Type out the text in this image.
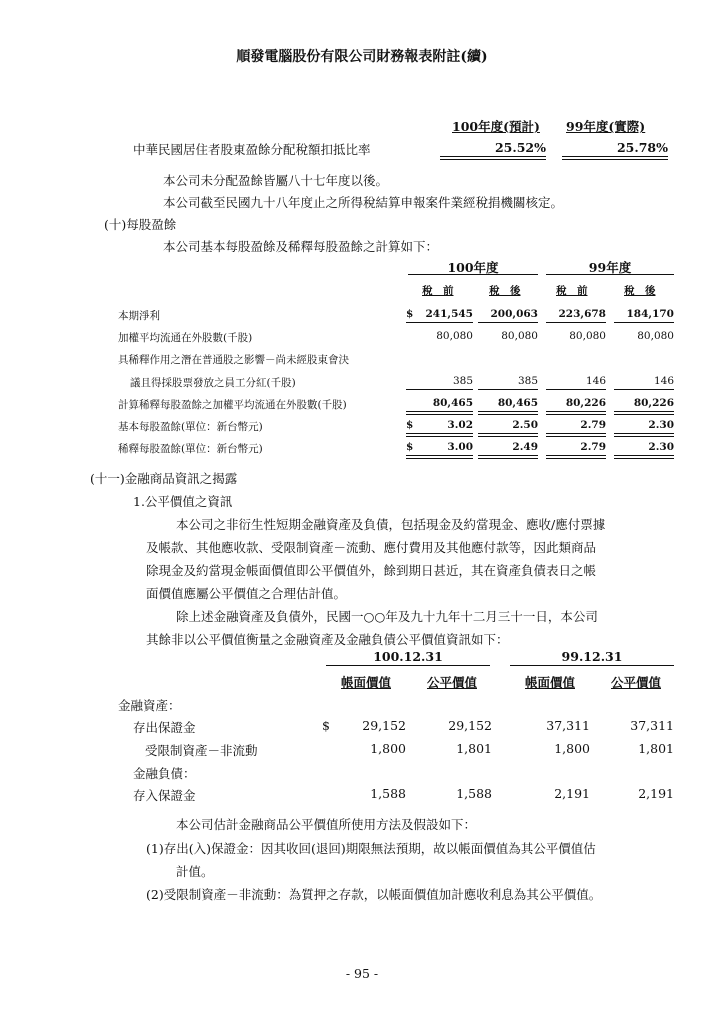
順發電腦股份有限公司財務報表附註(續)
100年度(預計) 99年度(實際)
中華民國居住者股東盈餘分配稅額扣抵比率	25.52%	25.78%
本公司未分配盈餘皆屬八十七年度以後。
本公司截至民國九十八年度止之所得稅結算申報案件業經稅捐機關核定。
(十)每股盈餘
本公司基本每股盈餘及稀釋每股盈餘之計算如下：
100年度	99年度
稅　前	稅　後	稅　前	稅　後
本期淨利	$	241,545	200,063	223,678	184,170
加權平均流通在外股數(千股)	80,080	80,080	80,080	80,080
具稀釋作用之潛在普通股之影響－尚未經股東會決
議且得採股票發放之員工分紅(千股)	385	385	146	146
計算稀釋每股盈餘之加權平均流通在外股數(千股)	80,465	80,465	80,226	80,226
基本每股盈餘(單位：新台幣元)	$	3.02	2.50	2.79	2.30
稀釋每股盈餘(單位：新台幣元)	$	3.00	2.49	2.79	2.30
(十一)金融商品資訊之揭露
1.公平價值之資訊
本公司之非衍生性短期金融資產及負債，包括現金及約當現金、應收/應付票據
及帳款、其他應收款、受限制資產－流動、應付費用及其他應付款等，因此類商品
除現金及約當現金帳面價值即公平價值外，餘到期日甚近，其在資產負債表日之帳
面價值應屬公平價值之合理估計值。
除上述金融資產及負債外，民國一○○年及九十九年十二月三十一日，本公司
其餘非以公平價值衡量之金融資產及金融負債公平價值資訊如下：
100.12.31	99.12.31
帳面價值	公平價值	帳面價值	公平價值
金融資產：
存出保證金	$	29,152	29,152	37,311	37,311
受限制資產－非流動	1,800	1,801	1,800	1,801
金融負債：
存入保證金	1,588	1,588	2,191	2,191
本公司估計金融商品公平價值所使用方法及假設如下：
(1)存出(入)保證金：因其收回(退回)期限無法預期，故以帳面價值為其公平價值估
計值。
(2)受限制資產－非流動：為質押之存款，以帳面價值加計應收利息為其公平價值。
- 95 -
